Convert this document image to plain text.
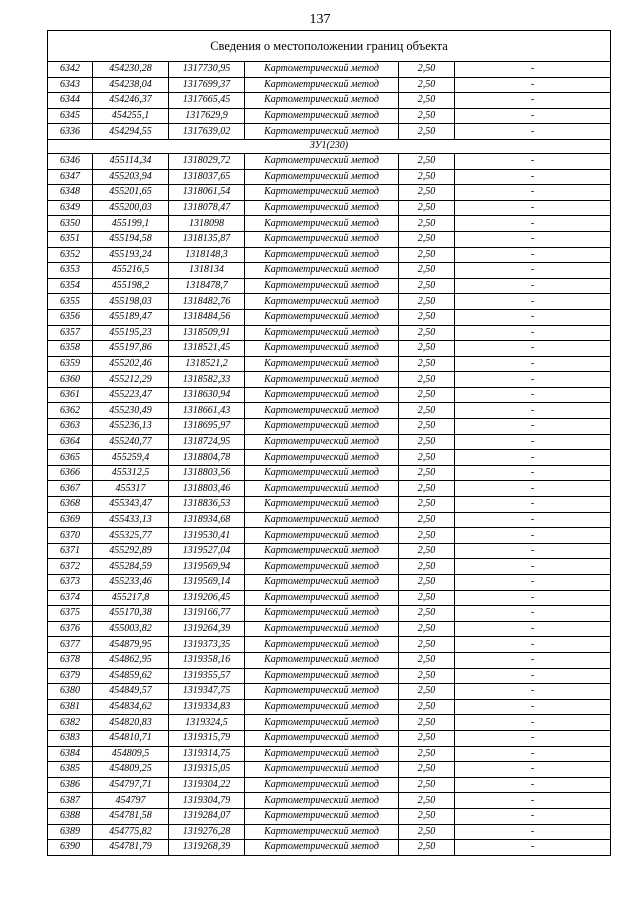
137
Сведения о местоположении границ объекта					
6342	454230,28	1317730,95	Картометрический метод	2,50	-
6343	454238,04	1317699,37	Картометрический метод	2,50	-
6344	454246,37	1317665,45	Картометрический метод	2,50	-
6345	454255,1	1317629,9	Картометрический метод	2,50	-
6336	454294,55	1317639,02	Картометрический метод	2,50	-
ЗУ1(230)					
6346	455114,34	1318029,72	Картометрический метод	2,50	-
6347	455203,94	1318037,65	Картометрический метод	2,50	-
6348	455201,65	1318061,54	Картометрический метод	2,50	-
6349	455200,03	1318078,47	Картометрический метод	2,50	-
6350	455199,1	1318098	Картометрический метод	2,50	-
6351	455194,58	1318135,87	Картометрический метод	2,50	-
6352	455193,24	1318148,3	Картометрический метод	2,50	-
6353	455216,5	1318134	Картометрический метод	2,50	-
6354	455198,2	1318478,7	Картометрический метод	2,50	-
6355	455198,03	1318482,76	Картометрический метод	2,50	-
6356	455189,47	1318484,56	Картометрический метод	2,50	-
6357	455195,23	1318509,91	Картометрический метод	2,50	-
6358	455197,86	1318521,45	Картометрический метод	2,50	-
6359	455202,46	1318521,2	Картометрический метод	2,50	-
6360	455212,29	1318582,33	Картометрический метод	2,50	-
6361	455223,47	1318630,94	Картометрический метод	2,50	-
6362	455230,49	1318661,43	Картометрический метод	2,50	-
6363	455236,13	1318695,97	Картометрический метод	2,50	-
6364	455240,77	1318724,95	Картометрический метод	2,50	-
6365	455259,4	1318804,78	Картометрический метод	2,50	-
6366	455312,5	1318803,56	Картометрический метод	2,50	-
6367	455317	1318803,46	Картометрический метод	2,50	-
6368	455343,47	1318836,53	Картометрический метод	2,50	-
6369	455433,13	1318934,68	Картометрический метод	2,50	-
6370	455325,77	1319530,41	Картометрический метод	2,50	-
6371	455292,89	1319527,04	Картометрический метод	2,50	-
6372	455284,59	1319569,94	Картометрический метод	2,50	-
6373	455233,46	1319569,14	Картометрический метод	2,50	-
6374	455217,8	1319206,45	Картометрический метод	2,50	-
6375	455170,38	1319166,77	Картометрический метод	2,50	-
6376	455003,82	1319264,39	Картометрический метод	2,50	-
6377	454879,95	1319373,35	Картометрический метод	2,50	-
6378	454862,95	1319358,16	Картометрический метод	2,50	-
6379	454859,62	1319355,57	Картометрический метод	2,50	-
6380	454849,57	1319347,75	Картометрический метод	2,50	-
6381	454834,62	1319334,83	Картометрический метод	2,50	-
6382	454820,83	1319324,5	Картометрический метод	2,50	-
6383	454810,71	1319315,79	Картометрический метод	2,50	-
6384	454809,5	1319314,75	Картометрический метод	2,50	-
6385	454809,25	1319315,05	Картометрический метод	2,50	-
6386	454797,71	1319304,22	Картометрический метод	2,50	-
6387	454797	1319304,79	Картометрический метод	2,50	-
6388	454781,58	1319284,07	Картометрический метод	2,50	-
6389	454775,82	1319276,28	Картометрический метод	2,50	-
6390	454781,79	1319268,39	Картометрический метод	2,50	-
